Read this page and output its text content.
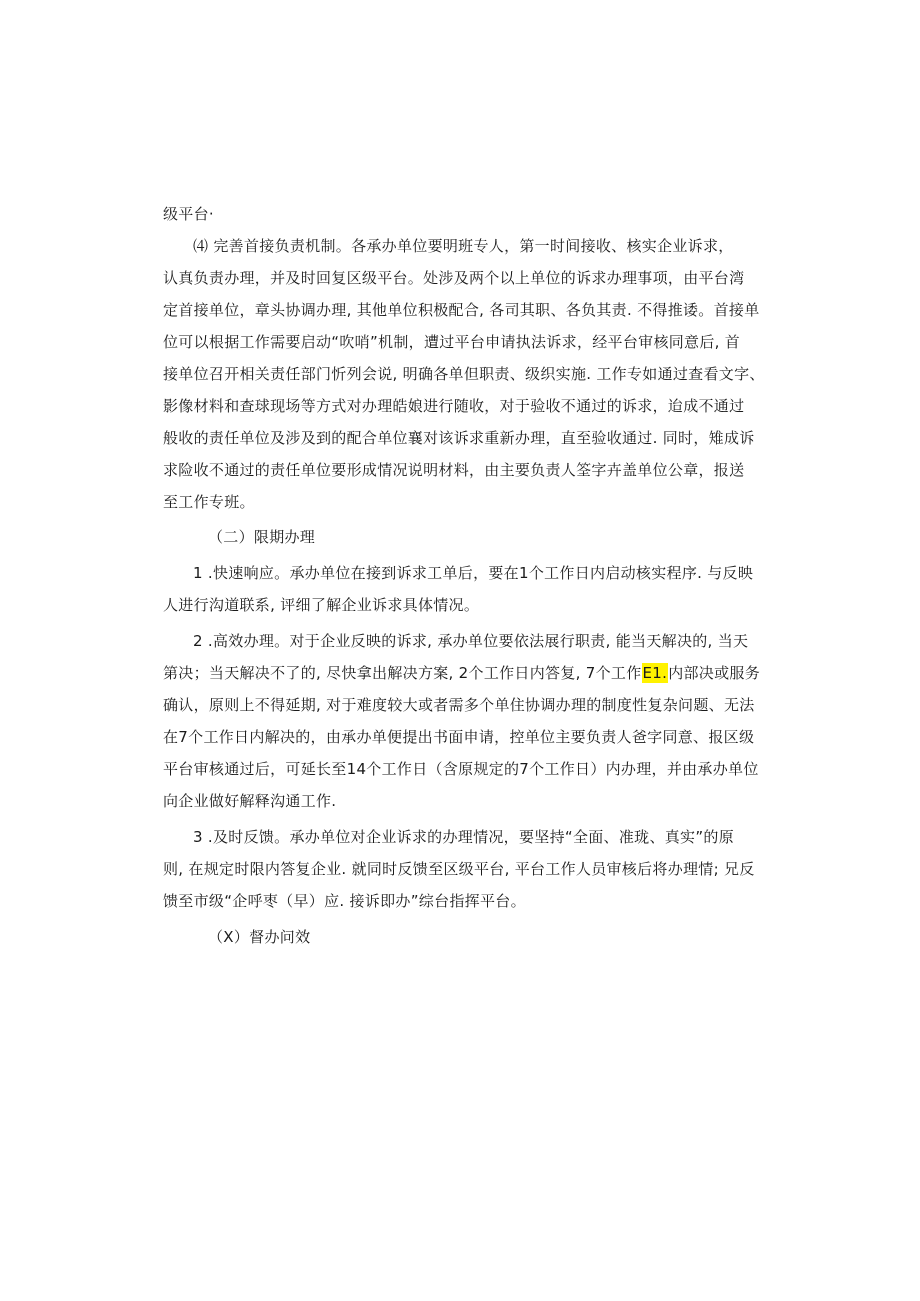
级平台·
⑷ 完善首接负责机制。各承办单位要明班专人，第一时间接收、核实企业诉求，
认真负责办理，并及时回复区级平台。处涉及两个以上单位的诉求办理事项，由平台湾
定首接单位，章头协调办理, 其他单位积极配合, 各司其职、各负其责. 不得推诿。首接单
位可以根据工作需要启动“吹哨”机制，遭过平台申请执法诉求，经平台审核同意后, 首
接单位召开相关责任部门忻列会说, 明确各单但职责、级织实施. 工作专如通过查看文字、
影像材料和查球现场等方式对办理皓娘进行随收，对于验收不通过的诉求，迨成不通过
般收的责任单位及涉及到的配合单位襄对该诉求重新办理，直至验收通过. 同时，雉成诉
求险收不通过的责任单位要形成情况说明材料，由主要负责人筌字卉盖单位公章，报送
至工作专班。
（二）限期办理
1 .快速响应。承办单位在接到诉求工单后，要在1个工作日内启动核实程序. 与反映
人进行沟道联系, 评细了解企业诉求具体情况。
2 .高效办理。对于企业反映的诉求, 承办单位要依法展行职责, 能当天解决的, 当天
第决；当天解决不了的, 尽快拿出解决方案, 2个工作日内答复, 7个工作E1.内部决或服务
确认，原则上不得延期, 对于难度较大或者需多个单住协调办理的制度性复杂问题、无法
在7个工作日内解决的，由承办单便提出书面申请，控单位主要负责人爸字同意、报区级
平台审核通过后，可延长至14个工作日（含原规定的7个工作日）内办理，并由承办单位
向企业做好解释沟通工作.
3 .及时反馈。承办单位对企业诉求的办理情况，要坚持“全面、准珑、真实”的原
则, 在规定时限内答复企业. 就同时反馈至区级平台, 平台工作人员审核后将办理情; 兄反
馈至市级“企呼枣（早）应. 接诉即办”综台指挥平台。
（X）督办问效
